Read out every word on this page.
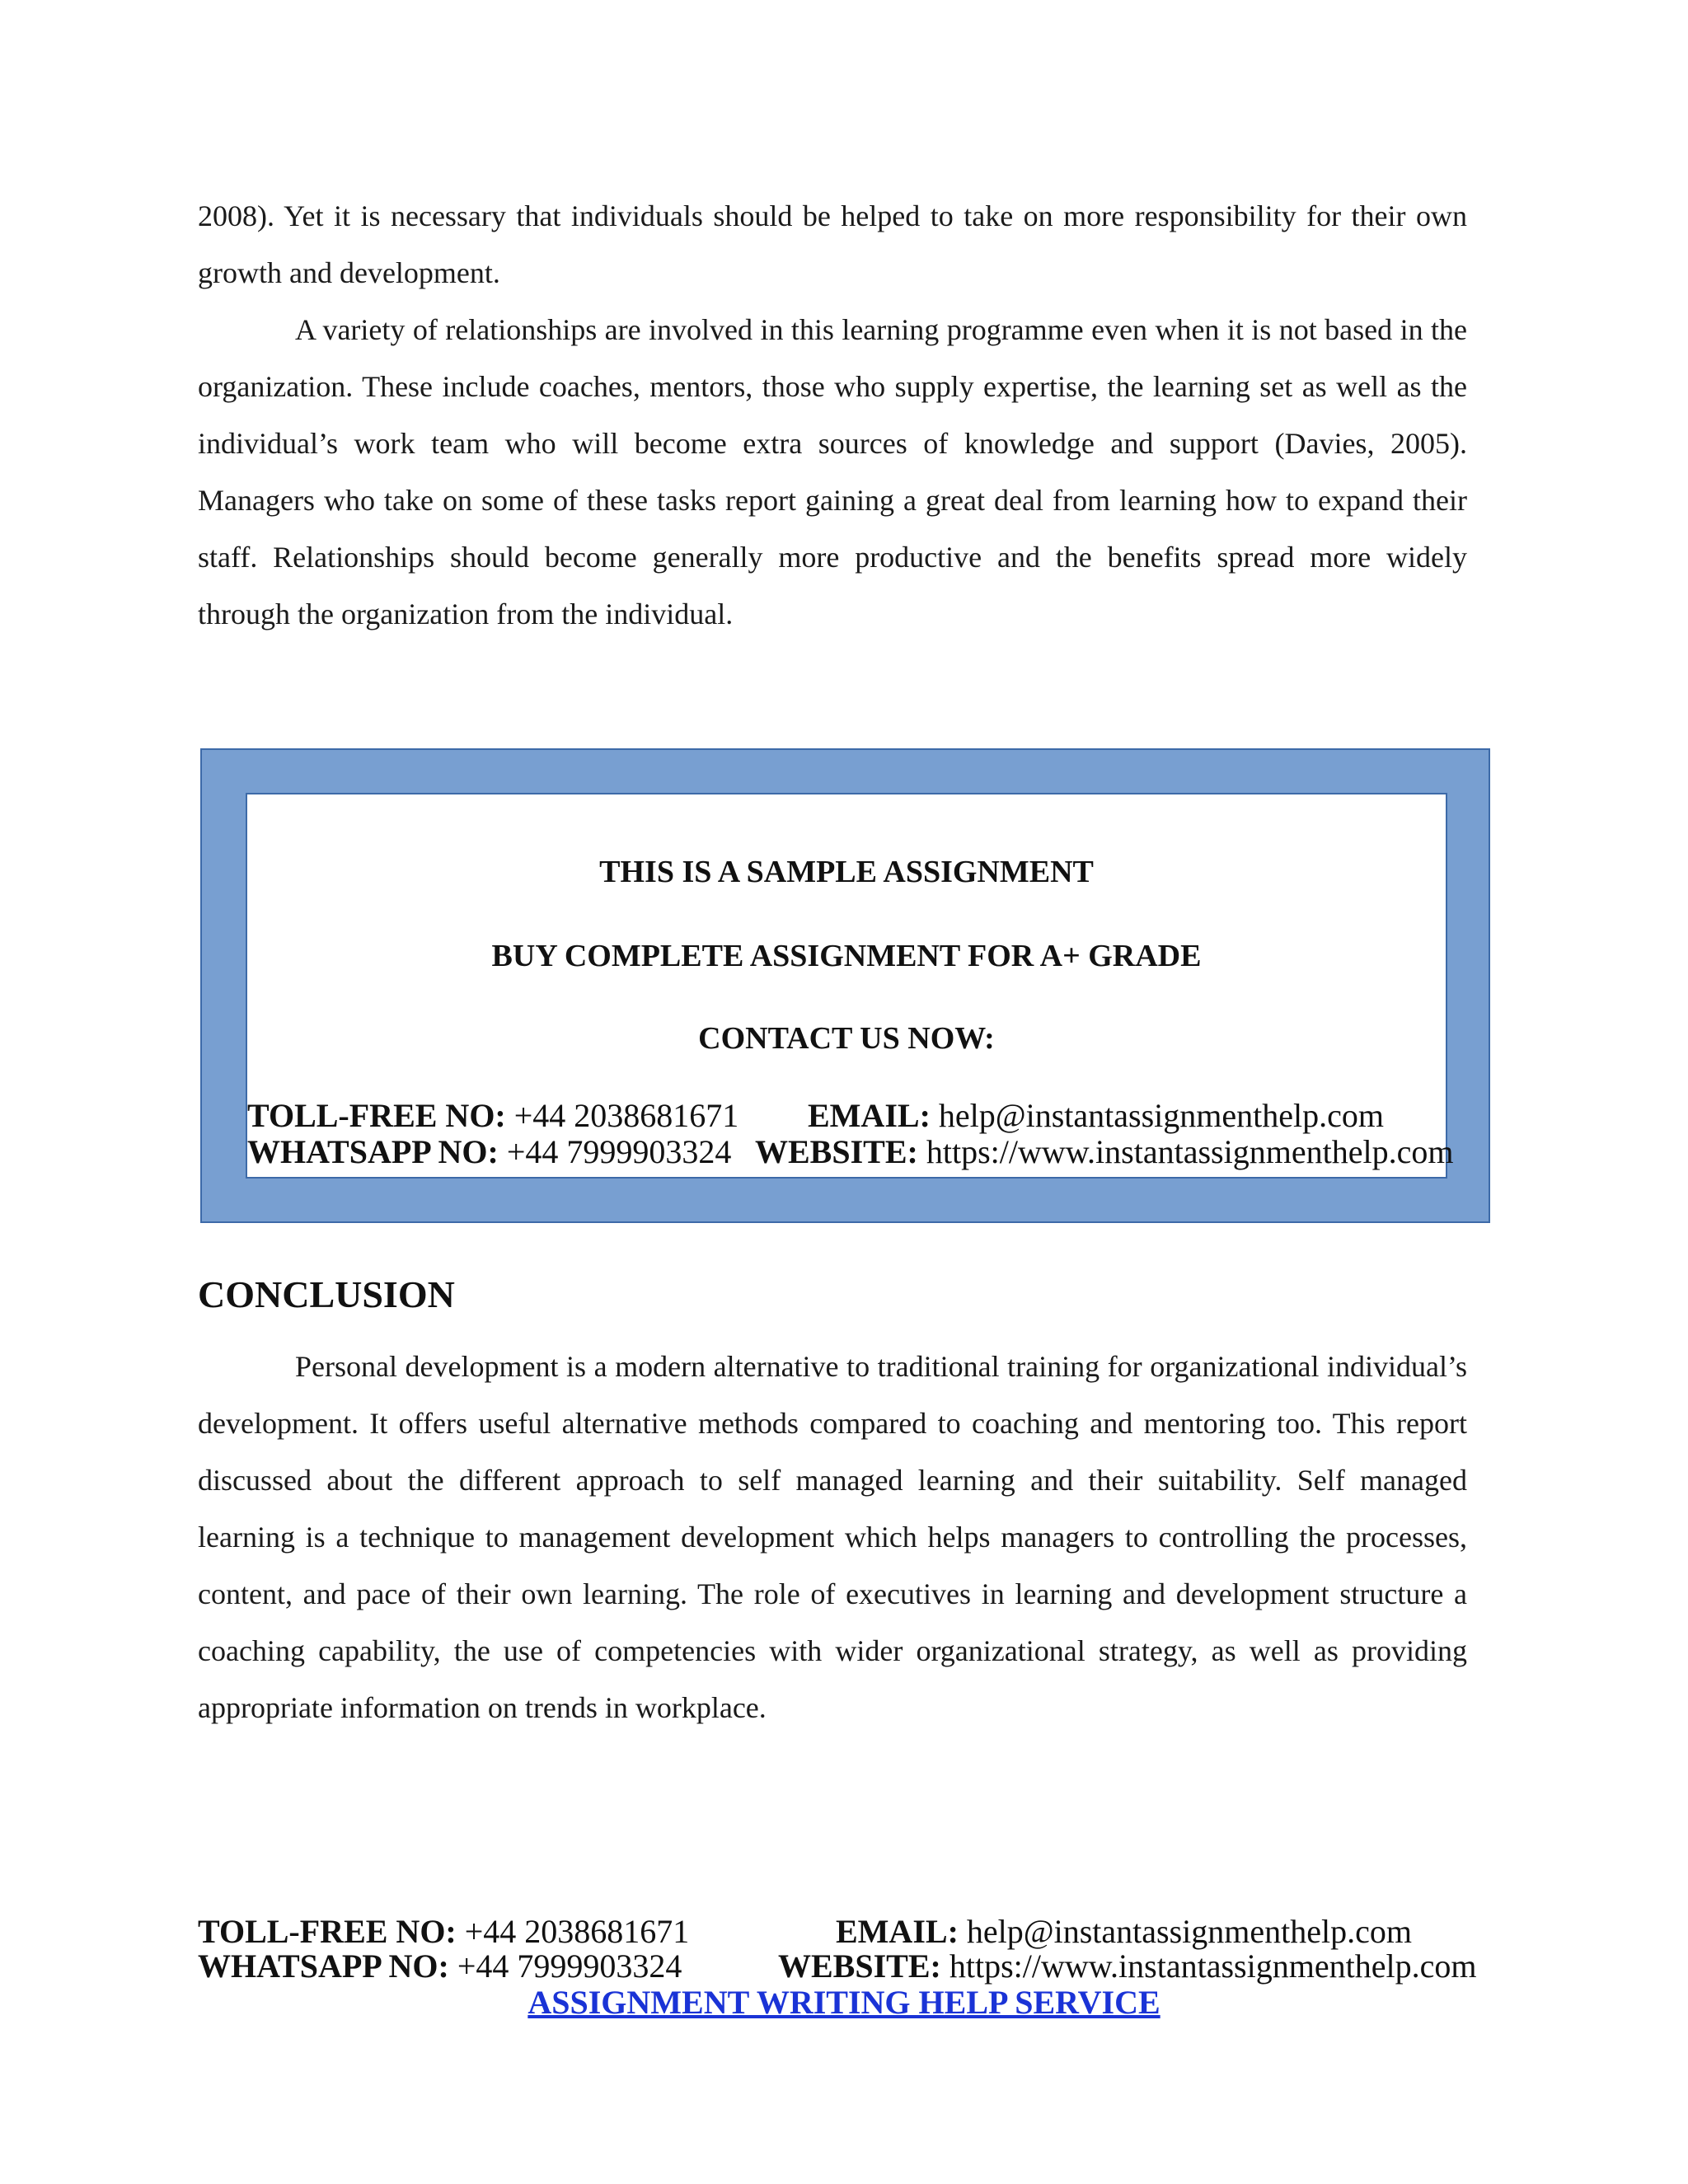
2008). Yet it is necessary that individuals should be helped to take on more responsibility for their own growth and development.

A variety of relationships are involved in this learning programme even when it is not based in the organization. These include coaches, mentors, those who supply expertise, the learning set as well as the individual’s work team who will become extra sources of knowledge and support (Davies, 2005). Managers who take on some of these tasks report gaining a great deal from learning how to expand their staff. Relationships should become generally more productive and the benefits spread more widely through the organization from the individual.

THIS IS A SAMPLE ASSIGNMENT

BUY COMPLETE ASSIGNMENT FOR A+ GRADE

CONTACT US NOW:

TOLL-FREE NO: +44 2038681671 EMAIL: help@instantassignmenthelp.com
WHATSAPP NO: +44 7999903324 WEBSITE: https://www.instantassignmenthelp.com
CONCLUSION

Personal development is a modern alternative to traditional training for organizational individual’s development. It offers useful alternative methods compared to coaching and mentoring too. This report discussed about the different approach to self managed learning and their suitability. Self managed learning is a technique to management development which helps managers to controlling the processes, content, and pace of their own learning. The role of executives in learning and development structure a coaching capability, the use of competencies with wider organizational strategy, as well as providing appropriate information on trends in workplace.

TOLL-FREE NO: +44 2038681671	EMAIL: help@instantassignmenthelp.com
WHATSAPP NO: +44 7999903324	WEBSITE: https://www.instantassignmenthelp.com
ASSIGNMENT WRITING HELP SERVICE
